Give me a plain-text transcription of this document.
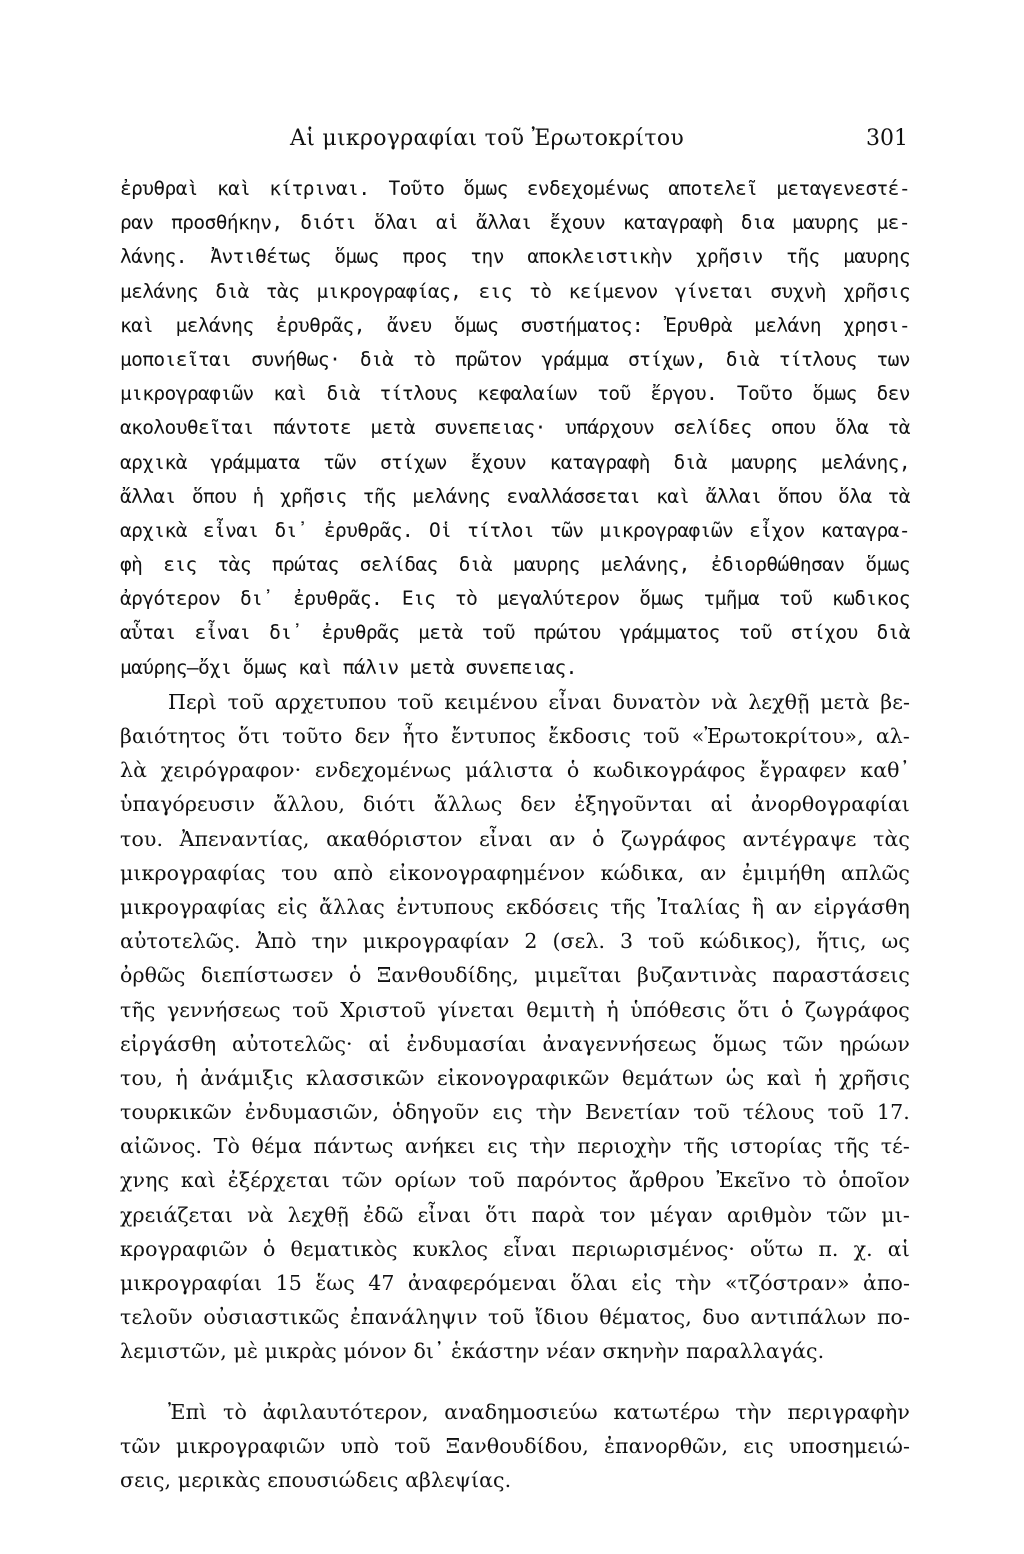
Αἱ μικρογραφίαι τοῦ Ἐρωτοκρίτου	301
ἐρυθραὶ καὶ κίτριναι. Τοῦτο ὅμως ενδεχομένως αποτελεῖ μεταγενεστέ-
ραν προσθήκην, διότι ὅλαι αἱ ἄλλαι ἔχουν καταγραφὴ δια μαυρης με-
λάνης. Ἀντιθέτως ὅμως προς την αποκλειστικὴν χρῆσιν τῆς μαυρης
μελάνης διὰ τὰς μικρογραφίας, εις τὸ κείμενον γίνεται συχνὴ χρῆσις
καὶ μελάνης ἐρυθρᾶς, ἄνευ ὅμως συστήματος: Ἐρυθρὰ μελάνη χρησι-
μοποιεῖται συνήθως· διὰ τὸ πρῶτον γράμμα στίχων, διὰ τίτλους των
μικρογραφιῶν καὶ διὰ τίτλους κεφαλαίων τοῦ ἔργου. Τοῦτο ὅμως δεν
ακολουθεῖται πάντοτε μετὰ συνεπειας· υπάρχουν σελίδες οπου ὅλα τὰ
αρχικὰ γράμματα τῶν στίχων ἔχουν καταγραφὴ διὰ μαυρης μελάνης,
ἄλλαι ὅπου ἡ χρῆσις τῆς μελάνης εναλλάσσεται καὶ ἄλλαι ὅπου ὅλα τὰ
αρχικὰ εἶναι δι᾽ ἐρυθρᾶς. Οἱ τίτλοι τῶν μικρογραφιῶν εἶχον καταγρα-
φὴ εις τὰς πρώτας σελίδας διὰ μαυρης μελάνης, ἐδιορθώθησαν ὅμως
ἀργότερον δι᾽ ἐρυθρᾶς. Εις τὸ μεγαλύτερον ὅμως τμῆμα τοῦ κωδικος
αὗται εἶναι δι᾽ ἐρυθρᾶς μετὰ τοῦ πρώτου γράμματος τοῦ στίχου διὰ
μαύρης—ὄχι ὅμως καὶ πάλιν μετὰ συνεπειας.
Περὶ τοῦ αρχετυπου τοῦ κειμένου εἶναι δυνατὸν νὰ λεχθῇ μετὰ βε-
βαιότητος ὅτι τοῦτο δεν ἦτο ἔντυπος ἔκδοσις τοῦ «Ἐρωτοκρίτου», αλ-
λὰ χειρόγραφον· ενδεχομένως μάλιστα ὁ κωδικογράφος ἔγραφεν καθ᾽
ὑπαγόρευσιν ἄλλου, διότι ἄλλως δεν ἐξηγοῦνται αἱ ἀνορθογραφίαι
του. Ἀπεναντίας, ακαθόριστον εἶναι αν ὁ ζωγράφος αντέγραψε τὰς
μικρογραφίας του απὸ εἰκονογραφημένον κώδικα, αν ἐμιμήθη απλῶς
μικρογραφίας εἰς ἄλλας ἐντυπους εκδόσεις τῆς Ἰταλίας ἢ αν εἰργάσθη
αὐτοτελῶς. Ἀπὸ την μικρογραφίαν 2 (σελ. 3 τοῦ κώδικος), ἥτις, ως
ὀρθῶς διεπίστωσεν ὁ Ξανθουδίδης, μιμεῖται βυζαντινὰς παραστάσεις
τῆς γεννήσεως τοῦ Χριστοῦ γίνεται θεμιτὴ ἡ ὑπόθεσις ὅτι ὁ ζωγράφος
εἰργάσθη αὐτοτελῶς· αἱ ἐνδυμασίαι ἀναγεννήσεως ὅμως τῶν ηρώων
του, ἡ ἀνάμιξις κλασσικῶν εἰκονογραφικῶν θεμάτων ὡς καὶ ἡ χρῆσις
τουρκικῶν ἐνδυμασιῶν, ὁδηγοῦν εις τὴν Βενετίαν τοῦ τέλους τοῦ 17.
αἰῶνος. Τὸ θέμα πάντως ανήκει εις τὴν περιοχὴν τῆς ιστορίας τῆς τέ-
χνης καὶ ἐξέρχεται τῶν ορίων τοῦ παρόντος ἄρθρου Ἐκεῖνο τὸ ὁποῖον
χρειάζεται νὰ λεχθῇ ἐδῶ εἶναι ὅτι παρὰ τον μέγαν αριθμὸν τῶν μι-
κρογραφιῶν ὁ θεματικὸς κυκλος εἶναι περιωρισμένος· οὕτω π. χ. αἱ
μικρογραφίαι 15 ἕως 47 ἀναφερόμεναι ὅλαι εἰς τὴν «τζόστραν» ἀπο-
τελοῦν οὐσιαστικῶς ἐπανάληψιν τοῦ ἴδιου θέματος, δυο αντιπάλων πο-
λεμιστῶν, μὲ μικρὰς μόνον δι᾽ ἑκάστην νέαν σκηνὴν παραλλαγάς.
Ἐπὶ τὸ ἀφιλαυτότερον, αναδημοσιεύω κατωτέρω τὴν περιγραφὴν
τῶν μικρογραφιῶν υπὸ τοῦ Ξανθουδίδου, ἐπανορθῶν, εις υποσημειώ-
σεις, μερικὰς επουσιώδεις αβλεψίας.
